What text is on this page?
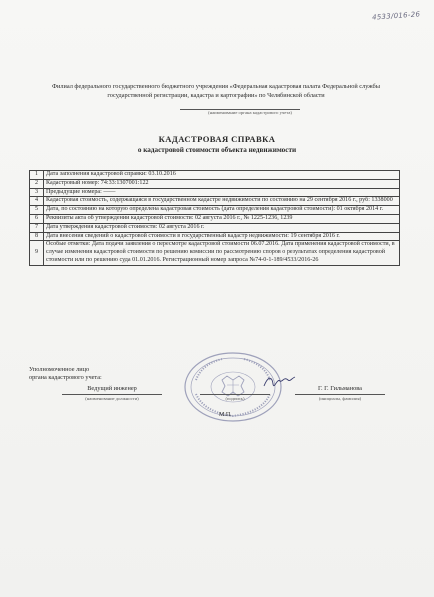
4533/016-26
Филиал федерального государственного бюджетного учреждения «Федеральная кадастровая палата Федеральной службы государственной регистрации, кадастра и картографии» по Челябинской области
(наименование органа кадастрового учета)
КАДАСТРОВАЯ СПРАВКА
о кадастровой стоимости объекта недвижимости
1	Дата заполнения кадастровой справки: 03.10.2016
2	Кадастровый номер: 74:33:1307001:122
3	Предыдущие номера: ——
4	Кадастровая стоимость, содержащаяся в государственном кадастре недвижимости по состоянию на 29 сентября 2016 г., руб: 1338000
5	Дата, по состоянию на которую определена кадастровая стоимость (дата определения кадастровой стоимости): 01 октября 2014 г.
6	Реквизиты акта об утверждении кадастровой стоимости: 02 августа 2016 г., № 1225-1236, 1239
7	Дата утверждения кадастровой стоимости: 02 августа 2016 г.
8	Дата внесения сведений о кадастровой стоимости в государственный кадастр недвижимости: 19 сентября 2016 г.
9	Особые отметки: Дата подачи заявления о пересмотре кадастровой стоимости 06.07.2016. Дата применения кадастровой стоимости, в случае изменения кадастровой стоимости по решению комиссии по рассмотрению споров о результатах определения кадастровой стоимости или по решению суда 01.01.2016. Регистрационный номер запроса №74-0-1-189/4533/2016-26
Уполномоченное лицо
органа кадастрового учета:
Ведущий инженер
(наименование должности)	(подпись)
Г. Г. Гильманова
(инициалы, фамилия)
М.П.
